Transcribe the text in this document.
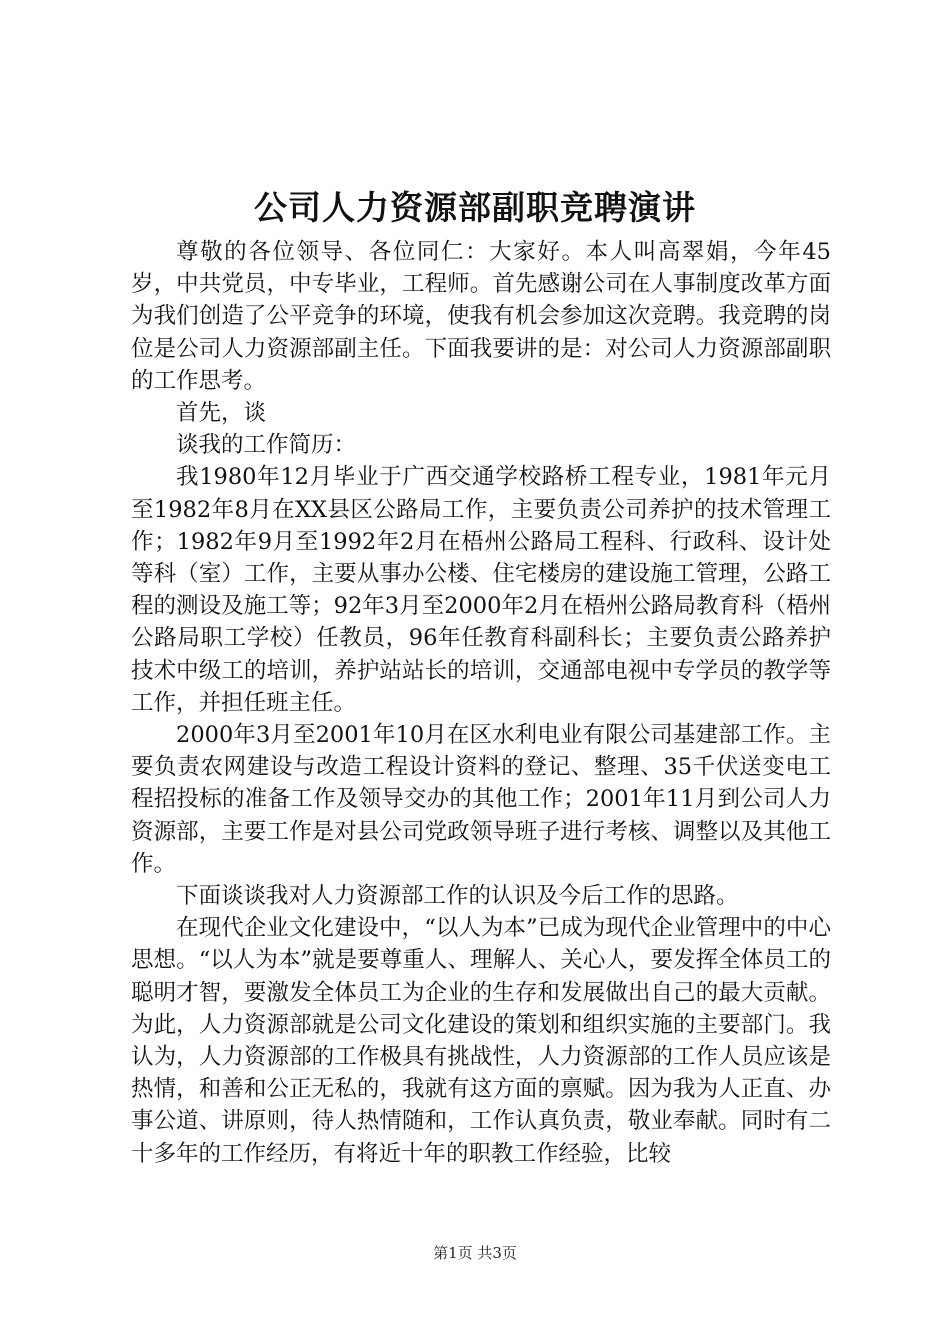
公司人力资源部副职竞聘演讲

尊敬的各位领导、各位同仁：大家好。本人叫高翠娟，今年45岁，中共党员，中专毕业，工程师。首先感谢公司在人事制度改革方面为我们创造了公平竞争的环境，使我有机会参加这次竞聘。我竞聘的岗位是公司人力资源部副主任。下面我要讲的是：对公司人力资源部副职的工作思考。

首先，谈

谈我的工作简历：

我1980年12月毕业于广西交通学校路桥工程专业，1981年元月至1982年8月在XX县区公路局工作，主要负责公司养护的技术管理工作；1982年9月至1992年2月在梧州公路局工程科、行政科、设计处等科（室）工作，主要从事办公楼、住宅楼房的建设施工管理，公路工程的测设及施工等；92年3月至2000年2月在梧州公路局教育科（梧州公路局职工学校）任教员，96年任教育科副科长；主要负责公路养护技术中级工的培训，养护站站长的培训，交通部电视中专学员的教学等工作，并担任班主任。

2000年3月至2001年10月在区水利电业有限公司基建部工作。主要负责农网建设与改造工程设计资料的登记、整理、35千伏送变电工程招投标的准备工作及领导交办的其他工作；2001年11月到公司人力资源部，主要工作是对县公司党政领导班子进行考核、调整以及其他工作。

下面谈谈我对人力资源部工作的认识及今后工作的思路。

在现代企业文化建设中，“以人为本”已成为现代企业管理中的中心思想。“以人为本”就是要尊重人、理解人、关心人，要发挥全体员工的聪明才智，要激发全体员工为企业的生存和发展做出自己的最大贡献。为此，人力资源部就是公司文化建设的策划和组织实施的主要部门。我认为，人力资源部的工作极具有挑战性，人力资源部的工作人员应该是热情，和善和公正无私的，我就有这方面的禀赋。因为我为人正直、办事公道、讲原则，待人热情随和，工作认真负责，敬业奉献。同时有二十多年的工作经历，有将近十年的职教工作经验，比较

第1页 共3页
